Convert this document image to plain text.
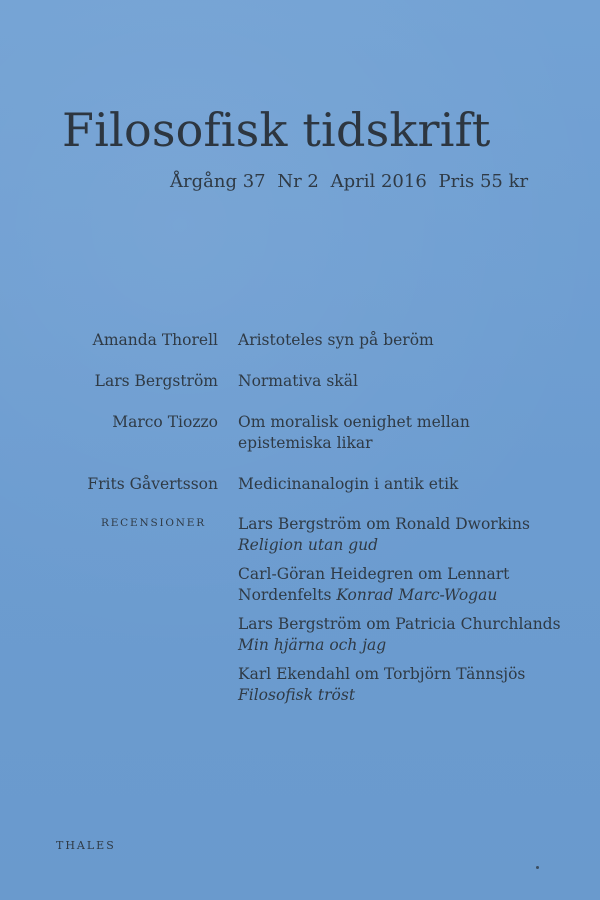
Filosofisk tidskrift
Årgång 37 Nr 2 April 2016 Pris 55 kr
Amanda Thorell Aristoteles syn på beröm
Lars Bergström Normativa skäl
Marco Tiozzo Om moralisk oenighet mellan
epistemiska likar
Frits Gåvertsson Medicinanalogin i antik etik
RECENSIONER Lars Bergström om Ronald Dworkins
Religion utan gud
Carl-Göran Heidegren om Lennart
Nordenfelts Konrad Marc-Wogau
Lars Bergström om Patricia Churchlands
Min hjärna och jag
Karl Ekendahl om Torbjörn Tännsjös
Filosofisk tröst
THALES
